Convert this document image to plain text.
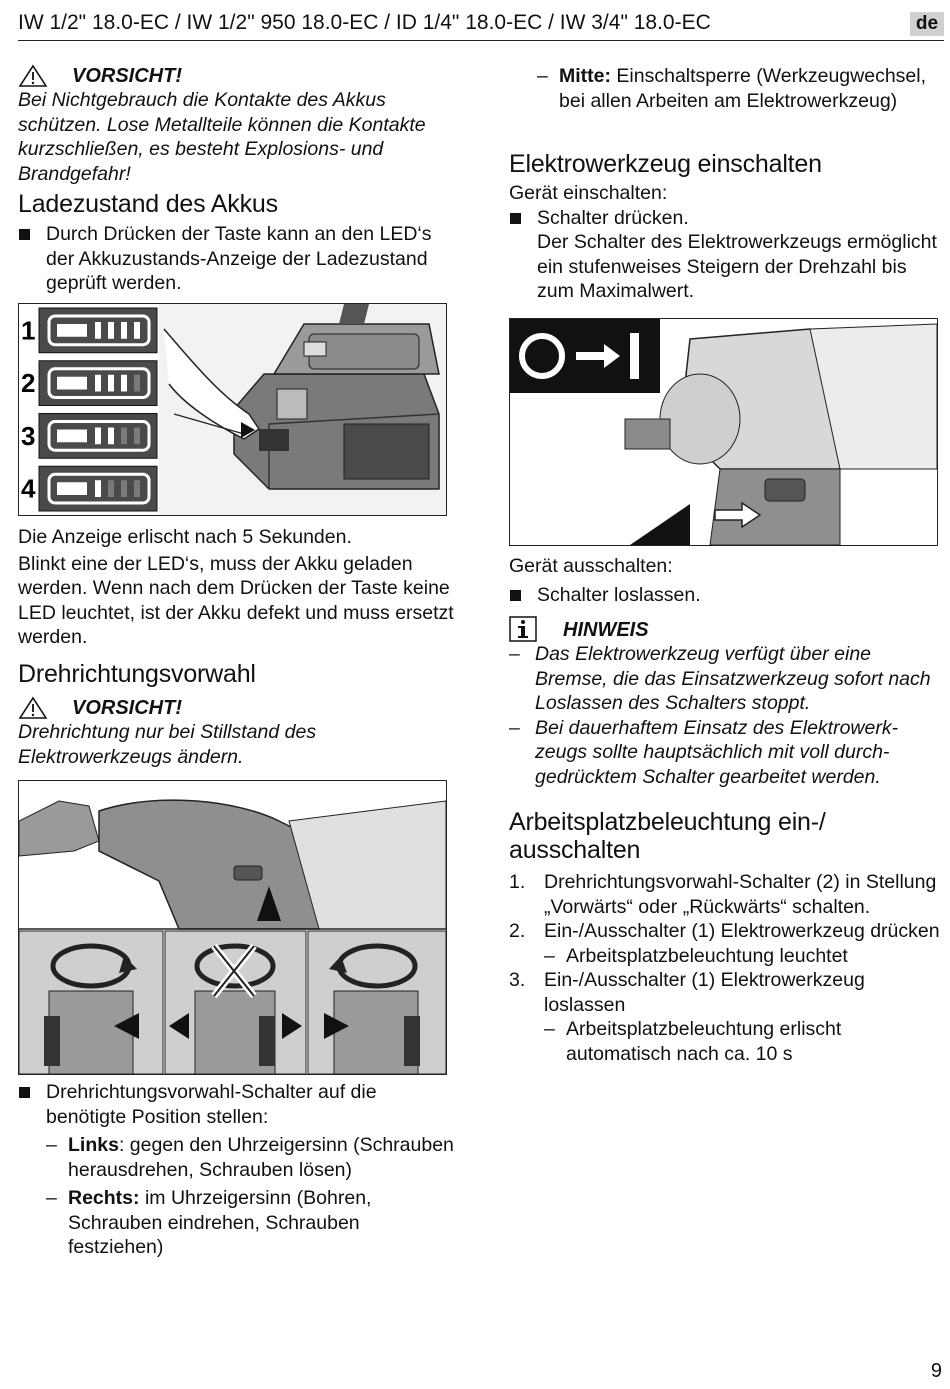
IW 1/2" 18.0-EC / IW 1/2" 950 18.0-EC / ID 1/4" 18.0-EC / IW 3/4" 18.0-EC	de
VORSICHT!

Bei Nichtgebrauch die Kontakte des Akkus schützen. Lose Metallteile können die Kontakte kurzschließen, es besteht Explosions- und Brandgefahr!

Ladezustand des Akkus
Durch Drücken der Taste kann an den LED‘s der Akkuzustands-Anzeige der Ladezustand geprüft werden.
1
2
3
4

Die Anzeige erlischt nach 5 Sekunden.

Blinkt eine der LED‘s, muss der Akku geladen werden. Wenn nach dem Drücken der Taste keine LED leuchtet, ist der Akku defekt und muss ersetzt werden.

Drehrichtungsvorwahl
VORSICHT!

Drehrichtung nur bei Stillstand des Elektrowerkzeugs ändern.

Drehrichtungsvorwahl-Schalter auf die benötigte Position stellen:
– Links: gegen den Uhrzeigersinn (Schrauben herausdrehen, Schrauben lösen)
– Rechts: im Uhrzeigersinn (Bohren, Schrauben eindrehen, Schrauben festziehen)
– Mitte: Einschaltsperre (Werkzeugwechsel, bei allen Arbeiten am Elektrowerkzeug)
Elektrowerkzeug einschalten

Gerät einschalten:

Schalter drücken.

Der Schalter des Elektrowerkzeugs ermöglicht ein stufenweises Steigern der Drehzahl bis zum Maximalwert.

Gerät ausschalten:

Schalter loslassen.
HINWEIS
– Das Elektrowerkzeug verfügt über eine Bremse, die das Einsatzwerkzeug sofort nach Loslassen des Schalters stoppt.
– Bei dauerhaftem Einsatz des Elektrowerk-zeugs sollte hauptsächlich mit voll durch-gedrücktem Schalter gearbeitet werden.
Arbeitsplatzbeleuchtung ein-/ ausschalten
1. Drehrichtungsvorwahl-Schalter (2) in Stellung „Vorwärts“ oder „Rückwärts“ schalten.
2. Ein-/Ausschalter (1) Elektrowerkzeug drücken
– Arbeitsplatzbeleuchtung leuchtet
3. Ein-/Ausschalter (1) Elektrowerkzeug loslassen
– Arbeitsplatzbeleuchtung erlischt automatisch nach ca. 10 s
9
